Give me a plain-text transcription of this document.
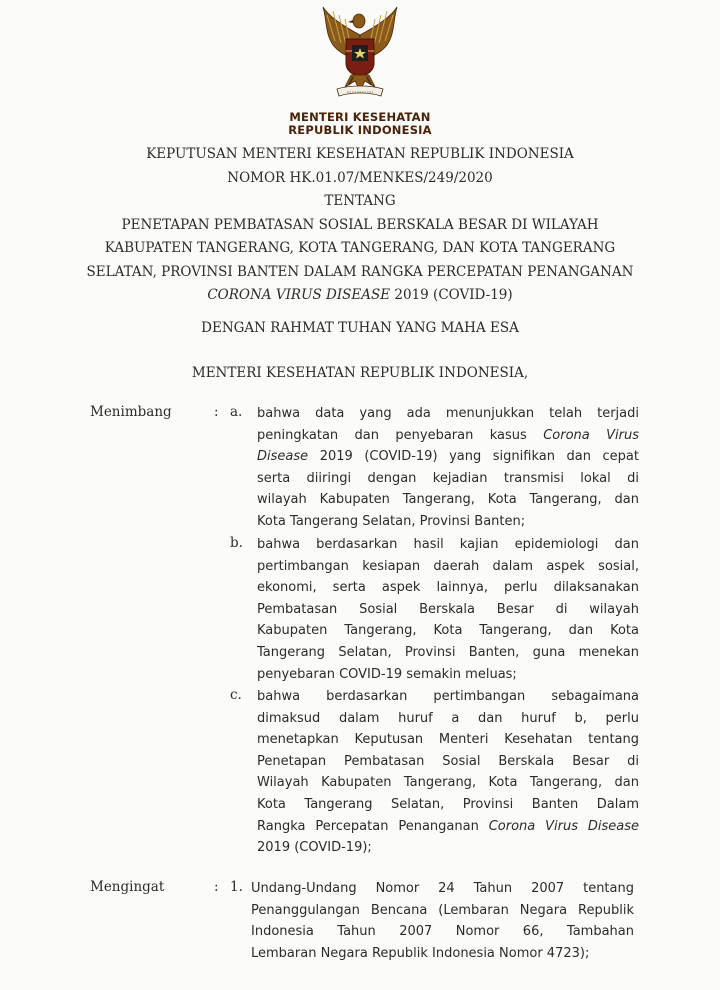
MENTERI KESEHATAN
REPUBLIK INDONESIA
KEPUTUSAN MENTERI KESEHATAN REPUBLIK INDONESIA
NOMOR HK.01.07/MENKES/249/2020
TENTANG
PENETAPAN PEMBATASAN SOSIAL BERSKALA BESAR DI WILAYAH
KABUPATEN TANGERANG, KOTA TANGERANG, DAN KOTA TANGERANG
SELATAN, PROVINSI BANTEN DALAM RANGKA PERCEPATAN PENANGANAN
CORONA VIRUS DISEASE 2019 (COVID-19)
DENGAN RAHMAT TUHAN YANG MAHA ESA
MENTERI KESEHATAN REPUBLIK INDONESIA,
Menimbang	: a. bahwa data yang ada menunjukkan telah terjadi
peningkatan dan penyebaran kasus Corona Virus
Disease 2019 (COVID-19) yang signifikan dan cepat
serta diiringi dengan kejadian transmisi lokal di
wilayah Kabupaten Tangerang, Kota Tangerang, dan
Kota Tangerang Selatan, Provinsi Banten;
b. bahwa berdasarkan hasil kajian epidemiologi dan
pertimbangan kesiapan daerah dalam aspek sosial,
ekonomi, serta aspek lainnya, perlu dilaksanakan
Pembatasan Sosial Berskala Besar di wilayah
Kabupaten Tangerang, Kota Tangerang, dan Kota
Tangerang Selatan, Provinsi Banten, guna menekan
penyebaran COVID-19 semakin meluas;
c. bahwa berdasarkan pertimbangan sebagaimana
dimaksud dalam huruf a dan huruf b, perlu
menetapkan Keputusan Menteri Kesehatan tentang
Penetapan Pembatasan Sosial Berskala Besar di
Wilayah Kabupaten Tangerang, Kota Tangerang, dan
Kota Tangerang Selatan, Provinsi Banten Dalam
Rangka Percepatan Penanganan Corona Virus Disease
2019 (COVID-19);
Mengingat	: 1. Undang-Undang Nomor 24 Tahun 2007 tentang
Penanggulangan Bencana (Lembaran Negara Republik
Indonesia Tahun 2007 Nomor 66, Tambahan
Lembaran Negara Republik Indonesia Nomor 4723);
